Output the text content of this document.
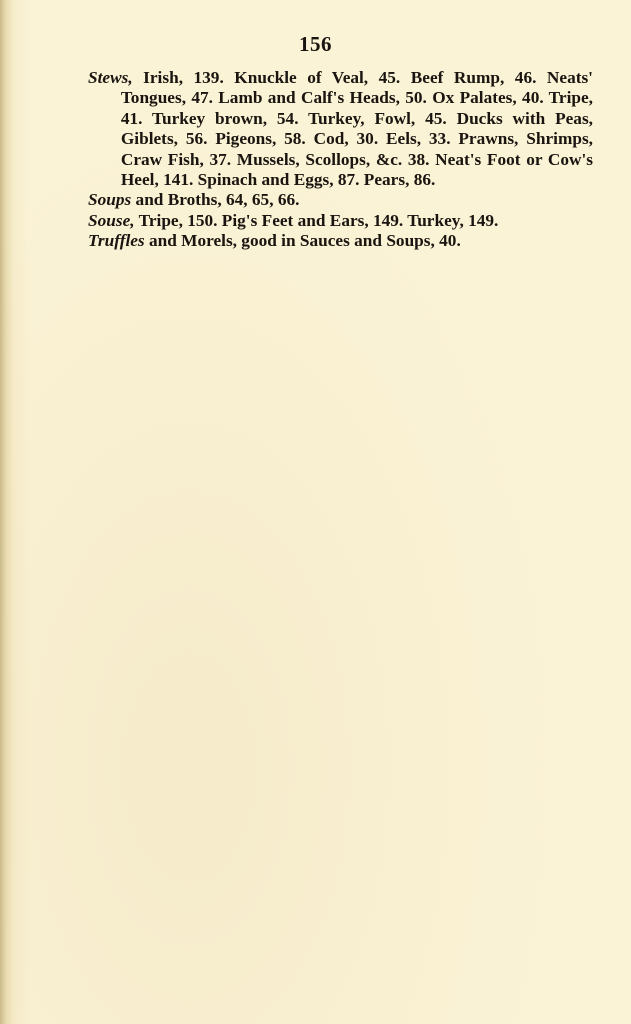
156

Stews, Irish, 139. Knuckle of Veal, 45. Beef Rump, 46. Neats' Tongues, 47. Lamb and Calf's Heads, 50. Ox Palates, 40. Tripe, 41. Turkey brown, 54. Turkey, Fowl, 45. Ducks with Peas, Giblets, 56. Pigeons, 58. Cod, 30. Eels, 33. Prawns, Shrimps, Craw Fish, 37. Mussels, Scollops, &c. 38. Neat's Foot or Cow's Heel, 141. Spinach and Eggs, 87. Pears, 86.

Soups and Broths, 64, 65, 66.

Souse, Tripe, 150. Pig's Feet and Ears, 149. Turkey, 149.

Truffles and Morels, good in Sauces and Soups, 40.
